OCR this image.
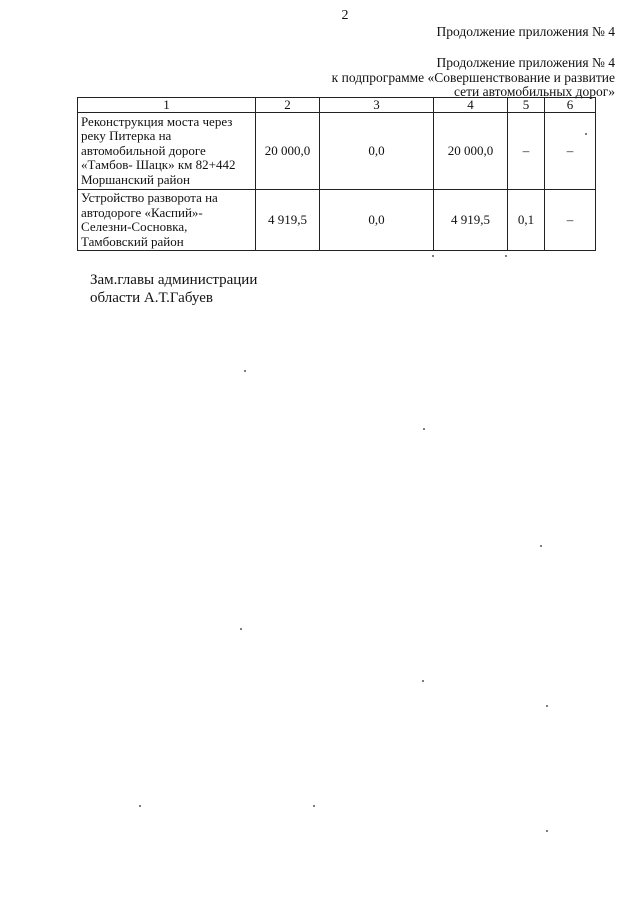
2
Продолжение приложения № 4
Продолжение приложения № 4
к подпрограмме «Совершенствование и развитие
сети автомобильных дорог»
1	2	3	4	5	6
Реконструкция моста через реку Питерка на автомобильной дороге «Тамбов- Шацк» км 82+442 Моршанский район	20 000,0	0,0	20 000,0	–	–
Устройство разворота на автодороге «Каспий»-Селезни-Сосновка, Тамбовский район	4 919,5	0,0	4 919,5	0,1	–
Зам.главы администрации
области А.Т.Габуев
